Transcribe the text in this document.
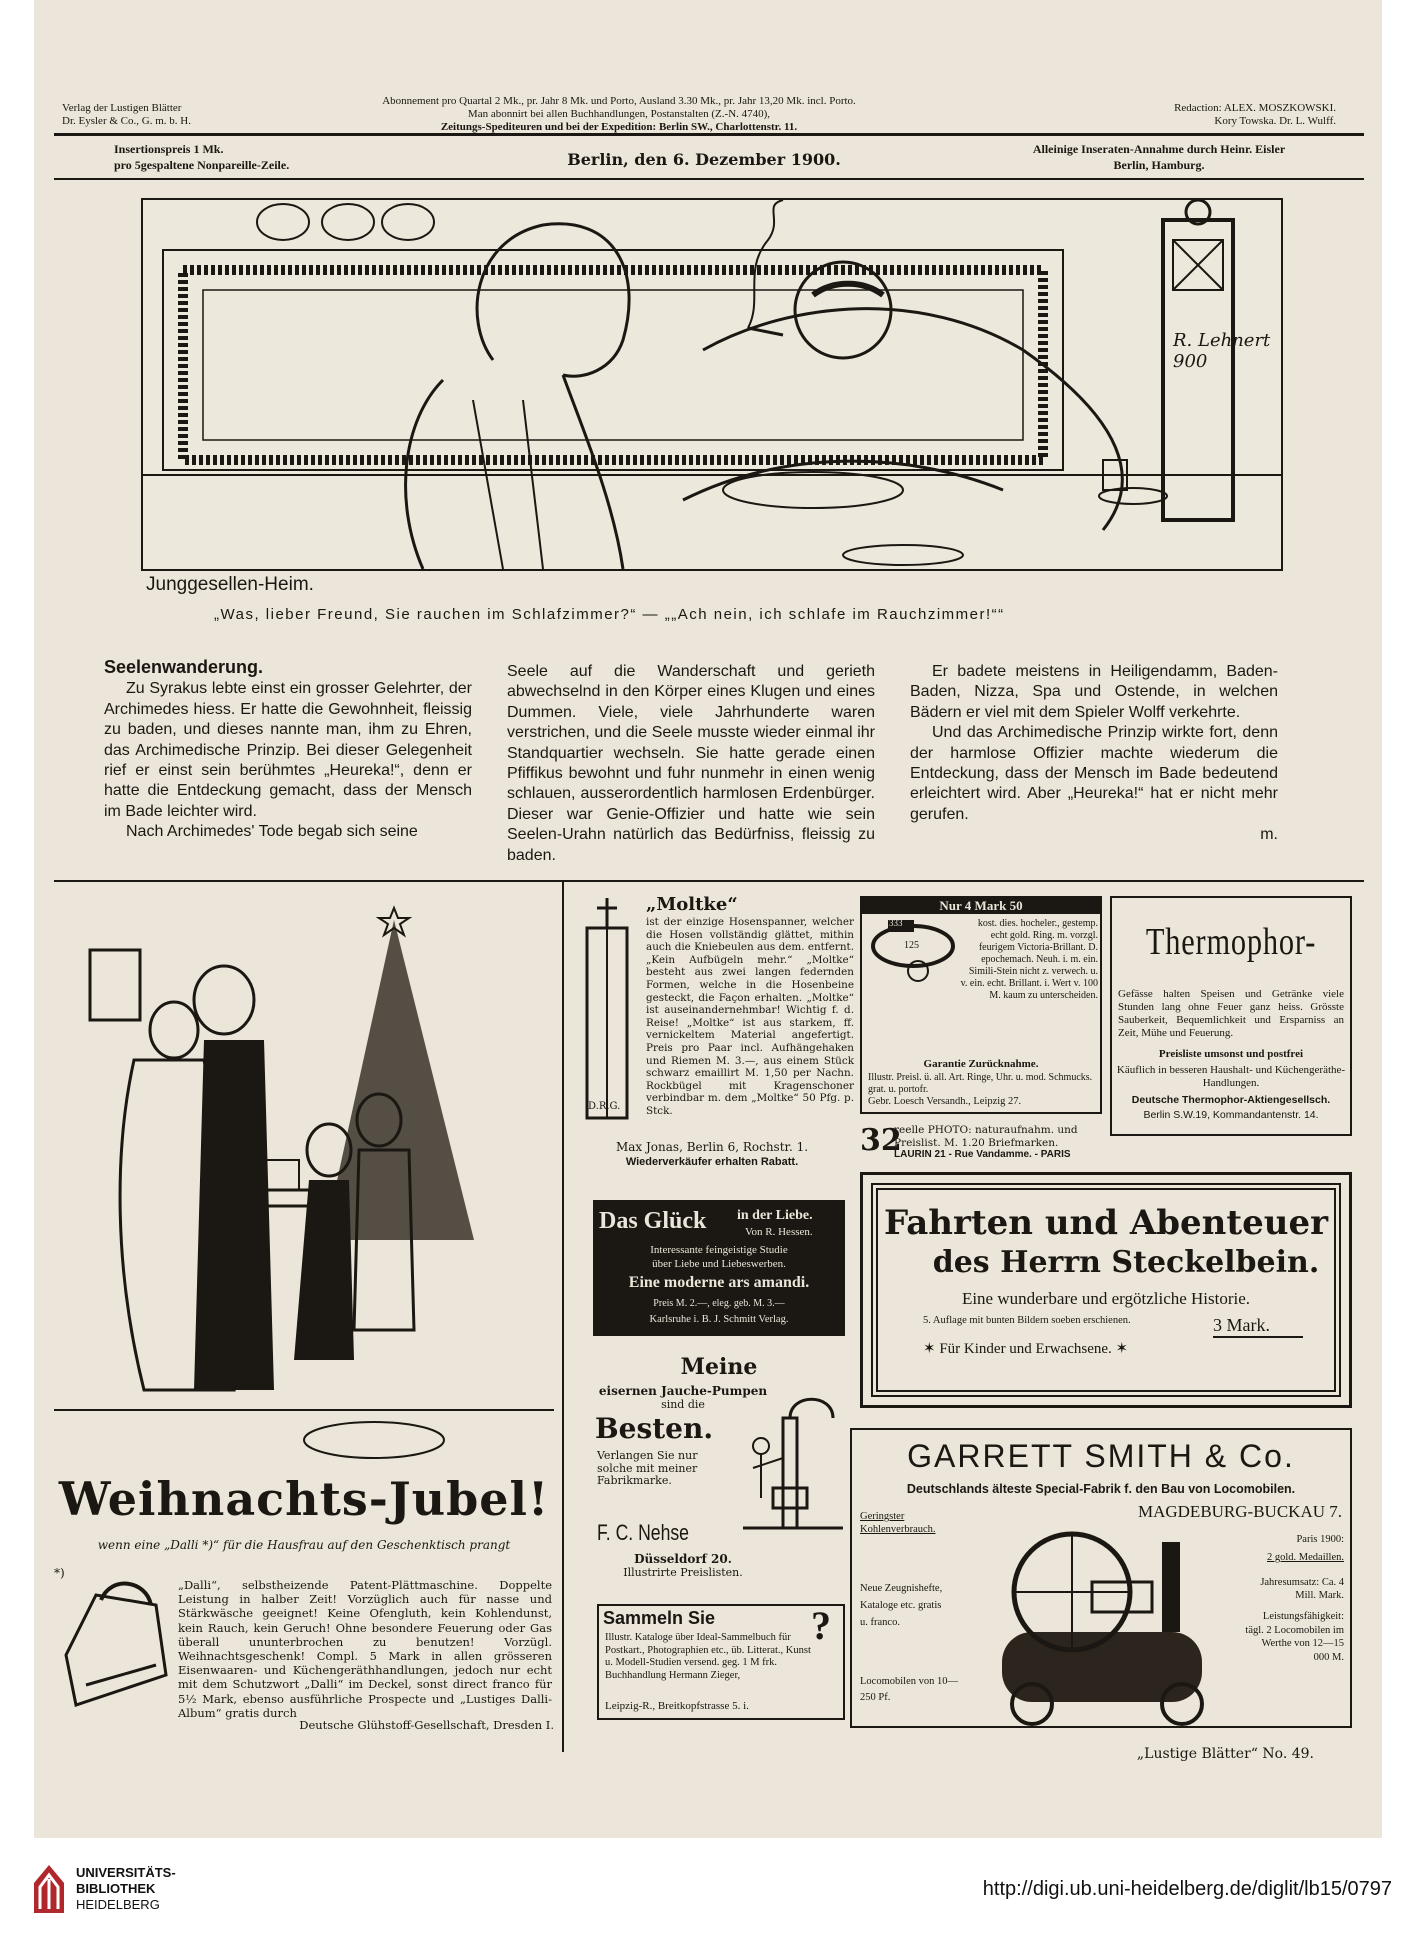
Verlag der Lustigen Blätter
Dr. Eysler & Co., G. m. b. H.
Abonnement pro Quartal 2 Mk., pr. Jahr 8 Mk. und Porto, Ausland 3.30 Mk., pr. Jahr 13,20 Mk. incl. Porto.
Man abonnirt bei allen Buchhandlungen, Postanstalten (Z.-N. 4740),
Zeitungs-Spediteuren und bei der Expedition: Berlin SW., Charlottenstr. 11.
Redaction: ALEX. MOSZKOWSKI.
Kory Towska. Dr. L. Wulff.
Insertionspreis 1 Mk.
pro 5gespaltene Nonpareille-Zeile.	Berlin, den 6. Dezember 1900.
Alleinige Inseraten-Annahme durch Heinr. Eisler
Berlin, Hamburg.
R. Lehnert 900
Junggesellen-Heim.
„Was, lieber Freund, Sie rauchen im Schlafzimmer?“ — „„Ach nein, ich schlafe im Rauchzimmer!““
Seelenwanderung.

Zu Syrakus lebte einst ein grosser Gelehrter, der Archimedes hiess. Er hatte die Gewohnheit, fleissig zu baden, und dieses nannte man, ihm zu Ehren, das Archimedische Prinzip. Bei dieser Gelegenheit rief er einst sein berühmtes „Heureka!“, denn er hatte die Entdeckung gemacht, dass der Mensch im Bade leichter wird.

Nach Archimedes' Tode begab sich seine

Seele auf die Wanderschaft und gerieth abwechselnd in den Körper eines Klugen und eines Dummen. Viele, viele Jahrhunderte waren verstrichen, und die Seele musste wieder einmal ihr Standquartier wechseln. Sie hatte gerade einen Pfiffikus bewohnt und fuhr nunmehr in einen wenig schlauen, ausserordentlich harmlosen Erdenbürger. Dieser war Genie-Offizier und hatte wie sein Seelen-Urahn natürlich das Bedürfniss, fleissig zu baden.

Er badete meistens in Heiligendamm, Baden-Baden, Nizza, Spa und Ostende, in welchen Bädern er viel mit dem Spieler Wolff verkehrte.

Und das Archimedische Prinzip wirkte fort, denn der harmlose Offizier machte wiederum die Entdeckung, dass der Mensch im Bade bedeutend erleichtert wird. Aber „Heureka!“ hat er nicht mehr gerufen.

m.
Weihnachts-Jubel!
wenn eine „Dalli *)“ für die Hausfrau auf den Geschenktisch prangt
*)
„Dalli“, selbstheizende Patent-Plättmaschine. Doppelte Leistung in halber Zeit! Vorzüglich auch für nasse und Stärkwäsche geeignet! Keine Ofengluth, kein Kohlendunst, kein Rauch, kein Geruch! Ohne besondere Feuerung oder Gas überall ununterbrochen zu benutzen! Vorzügl. Weihnachtsgeschenk! Compl. 5 Mark in allen grösseren Eisenwaaren- und Küchengeräthhandlungen, jedoch nur echt mit dem Schutzwort „Dalli“ im Deckel, sonst direct franco für 5½ Mark, ebenso ausführliche Prospecte und „Lustiges Dalli-Album“ gratis durch
Deutsche Glühstoff-Gesellschaft, Dresden I.
D.R.G.
„Moltke“
ist der einzige Hosenspanner, welcher die Hosen vollständig glättet, mithin auch die Kniebeulen aus dem. entfernt. „Kein Aufbügeln mehr.“ „Moltke“ besteht aus zwei langen federnden Formen, welche in die Hosenbeine gesteckt, die Façon erhalten. „Moltke“ ist auseinandernehmbar! Wichtig f. d. Reise! „Moltke“ ist aus starkem, ff. vernickeltem Material angefertigt. Preis pro Paar incl. Aufhängehaken und Riemen M. 3.—, aus einem Stück schwarz emaillirt M. 1,50 per Nachn. Rockbügel mit Kragenschoner verbindbar m. dem „Moltke“ 50 Pfg. p. Stck.
Max Jonas, Berlin 6, Rochstr. 1.
Wiederverkäufer erhalten Rabatt.
Nur 4 Mark 50
333
125
kost. dies. hochelег., gestemp. echt gold. Ring. m. vorzgl. feurigem Victoria-Brillant. D. epochemach. Neuh. i. m. ein. Simili-Stein nicht z. verwech. u. v. ein. echt. Brillant. i. Wert v. 100 M. kaum zu unterscheiden.
Garantie Zurücknahme.
Illustr. Preisl. ü. all. Art. Ringe, Uhr. u. mod. Schmucks. grat. u. portofr.
Gebr. Loesch Versandh., Leipzig 27.
32
reelle PHOTO: naturaufnahm. und Preislist. M. 1.20 Briefmarken.
LAURIN 21 - Rue Vandamme. - PARIS
Thermophor-
Gefässe halten Speisen und Getränke viele Stunden lang ohne Feuer ganz heiss. Grösste Sauberkeit, Bequemlichkeit und Ersparniss an Zeit, Mühe und Feuerung.
Preisliste umsonst und postfrei
Käuflich in besseren Haushalt- und Küchengeräthe-Handlungen.
Deutsche Thermophor-Aktiengesellsch.
Berlin S.W.19, Kommandantenstr. 14.
Das Glück in der Liebe.
Von R. Hessen.
Interessante feingeistige Studie
über Liebe und Liebeswerben.
Eine moderne ars amandi.
Preis M. 2.—, eleg. geb. M. 3.—
Karlsruhe i. B. J. Schmitt Verlag.
Meine
eisernen Jauche-Pumpen
sind die
Besten.
Verlangen Sie nur solche mit meiner Fabrikmarke.
F. C. Nehse
Düsseldorf 20.
Illustrirte Preislisten.
Sammeln Sie ?
Illustr. Kataloge über Ideal-Sammelbuch für Postkart., Photographien etc., üb. Litterat., Kunst u. Modell-Studien versend. geg. 1 M frk. Buchhandlung Hermann Zieger,
Leipzig-R., Breitkopfstrasse 5. i.
Fahrten und Abenteuer
des Herrn Steckelbein.
Eine wunderbare und ergötzliche Historie.
5. Auflage mit bunten Bildern soeben erschienen.	3 Mark.
✶ Für Kinder und Erwachsene. ✶
GARRETT SMITH & Co.
Deutschlands älteste Special-Fabrik f. den Bau von Locomobilen.
MAGDEBURG-BUCKAU 7.
Geringster Kohlenverbrauch.
Neue Zeugnishefte, Kataloge etc. gratis u. franco.
Locomobilen von 10—250 Pf.
Paris 1900:
2 gold. Medaillen.
Jahresumsatz: Ca. 4 Mill. Mark.
Leistungsfähigkeit: tägl. 2 Locomobilen im Werthe von 12—15 000 M.
„Lustige Blätter“ No. 49.
UNIVERSITÄTS-
BIBLIOTHEK
HEIDELBERG
http://digi.ub.uni-heidelberg.de/diglit/lb15/0797
